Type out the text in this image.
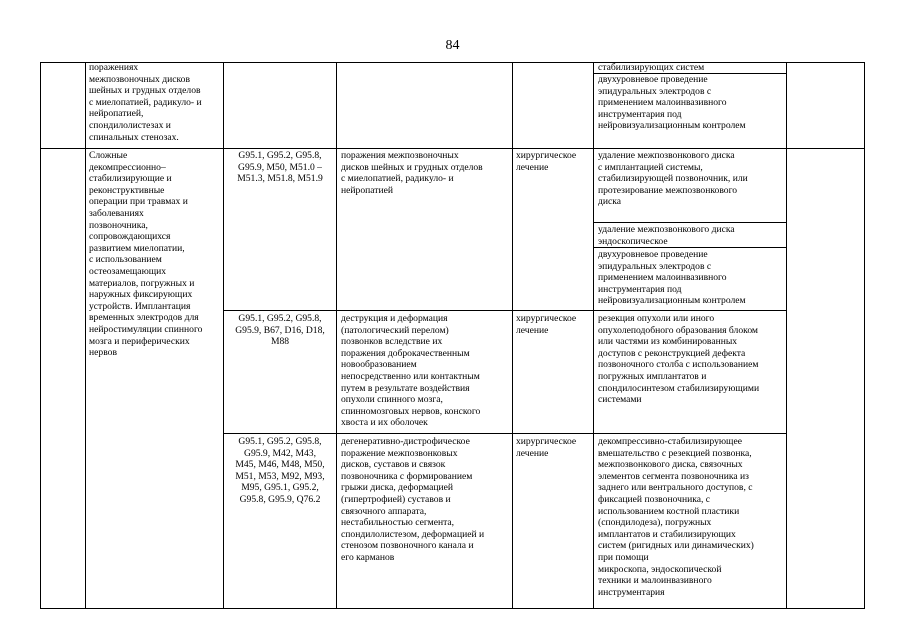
84
поражениях
межпозвоночных дисков
шейных и грудных отделов
с миелопатией, радикуло- и
нейропатией,
спондилолистезах и
спинальных стенозах.
стабилизирующих систем
двухуровневое проведение
эпидуральных электродов с
применением малоинвазивного
инструментария под
нейровизуализационным контролем
Сложные
декомпрессионно–
стабилизирующие и
реконструктивные
операции при травмах и
заболеваниях
позвоночника,
сопровождающихся
развитием миелопатии,
с использованием
остеозамещающих
материалов, погружных и
наружных фиксирующих
устройств. Имплантация
временных электродов для
нейростимуляции спинного
мозга и периферических
нервов
G95.1, G95.2, G95.8,
G95.9, M50, M51.0 –
M51.3, M51.8, M51.9
поражения межпозвоночных
дисков шейных и грудных отделов
с миелопатией, радикуло- и
нейропатией
хирургическое
лечение
удаление межпозвонкового диска
с имплантацией системы,
стабилизирующей позвоночник, или
протезирование межпозвонкового
диска
удаление межпозвонкового диска
эндоскопическое
двухуровневое проведение
эпидуральных электродов с
применением малоинвазивного
инструментария под
нейровизуализационным контролем
G95.1, G95.2, G95.8,
G95.9, B67, D16, D18,
M88
деструкция и деформация
(патологический перелом)
позвонков вследствие их
поражения доброкачественным
новообразованием
непосредственно или контактным
путем в результате воздействия
опухоли спинного мозга,
спинномозговых нервов, конского
хвоста и их оболочек
хирургическое
лечение
резекция опухоли или иного
опухолеподобного образования блоком
или частями из комбинированных
доступов с реконструкцией дефекта
позвоночного столба с использованием
погружных имплантатов и
спондилосинтезом стабилизирующими
системами
G95.1, G95.2, G95.8,
G95.9, M42, M43,
M45, M46, M48, M50,
M51, M53, M92, M93,
M95, G95.1, G95.2,
G95.8, G95.9, Q76.2
дегенеративно-дистрофическое
поражение межпозвонковых
дисков, суставов и связок
позвоночника с формированием
грыжи диска, деформацией
(гипертрофией) суставов и
связочного аппарата,
нестабильностью сегмента,
спондилолистезом, деформацией и
стенозом позвоночного канала и
его карманов
хирургическое
лечение
декомпрессивно-стабилизирующее
вмешательство с резекцией позвонка,
межпозвонкового диска, связочных
элементов сегмента позвоночника из
заднего или вентрального доступов, с
фиксацией позвоночника, с
использованием костной пластики
(спондилодеза), погружных
имплантатов и стабилизирующих
систем (ригидных или динамических)
при помощи
микроскопа, эндоскопической
техники и малоинвазивного
инструментария
